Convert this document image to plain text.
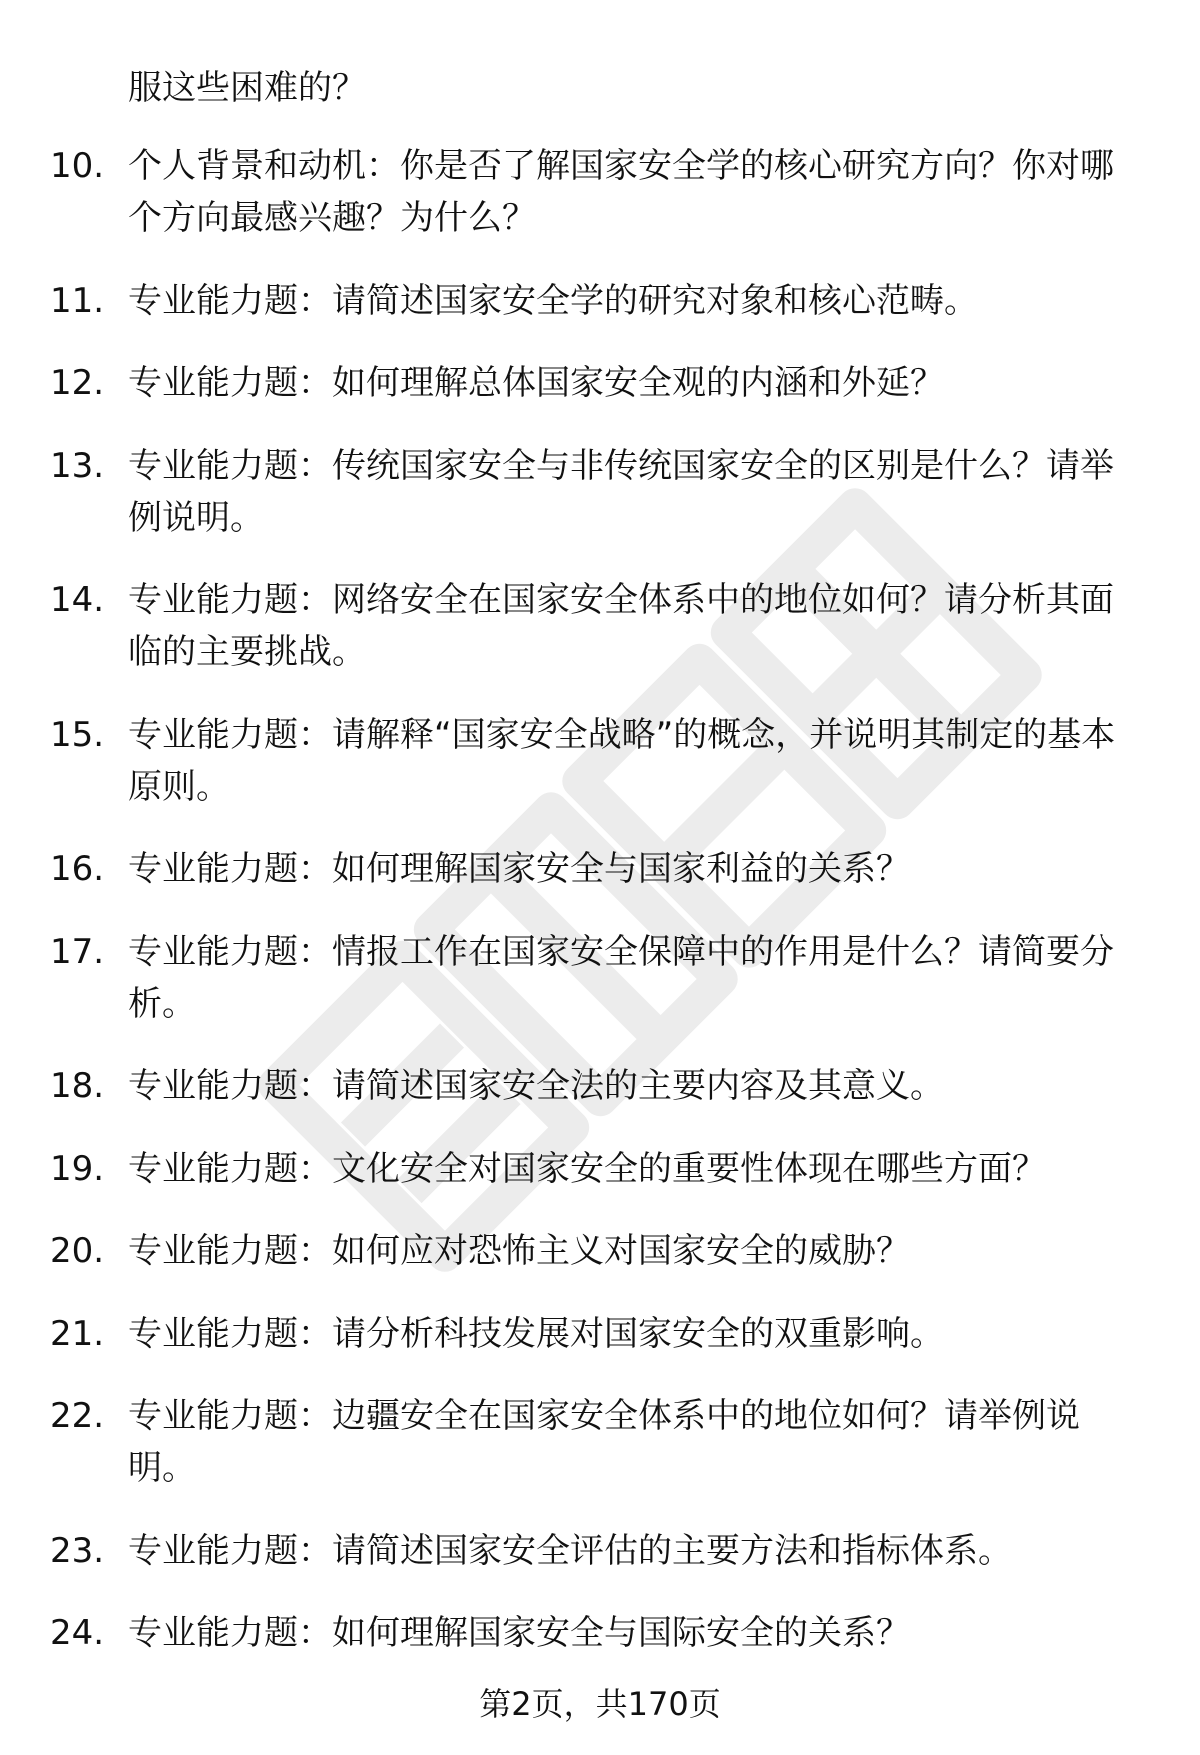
服这些困难的？
10. 个人背景和动机：你是否了解国家安全学的核心研究方向？你对哪个方向最感兴趣？为什么？
11. 专业能力题：请简述国家安全学的研究对象和核心范畴。
12. 专业能力题：如何理解总体国家安全观的内涵和外延？
13. 专业能力题：传统国家安全与非传统国家安全的区别是什么？请举例说明。
14. 专业能力题：网络安全在国家安全体系中的地位如何？请分析其面临的主要挑战。
15. 专业能力题：请解释“国家安全战略”的概念，并说明其制定的基本原则。
16. 专业能力题：如何理解国家安全与国家利益的关系？
17. 专业能力题：情报工作在国家安全保障中的作用是什么？请简要分析。
18. 专业能力题：请简述国家安全法的主要内容及其意义。
19. 专业能力题：文化安全对国家安全的重要性体现在哪些方面？
20. 专业能力题：如何应对恐怖主义对国家安全的威胁？
21. 专业能力题：请分析科技发展对国家安全的双重影响。
22. 专业能力题：边疆安全在国家安全体系中的地位如何？请举例说明。
23. 专业能力题：请简述国家安全评估的主要方法和指标体系。
24. 专业能力题：如何理解国家安全与国际安全的关系？
第2页，共170页
